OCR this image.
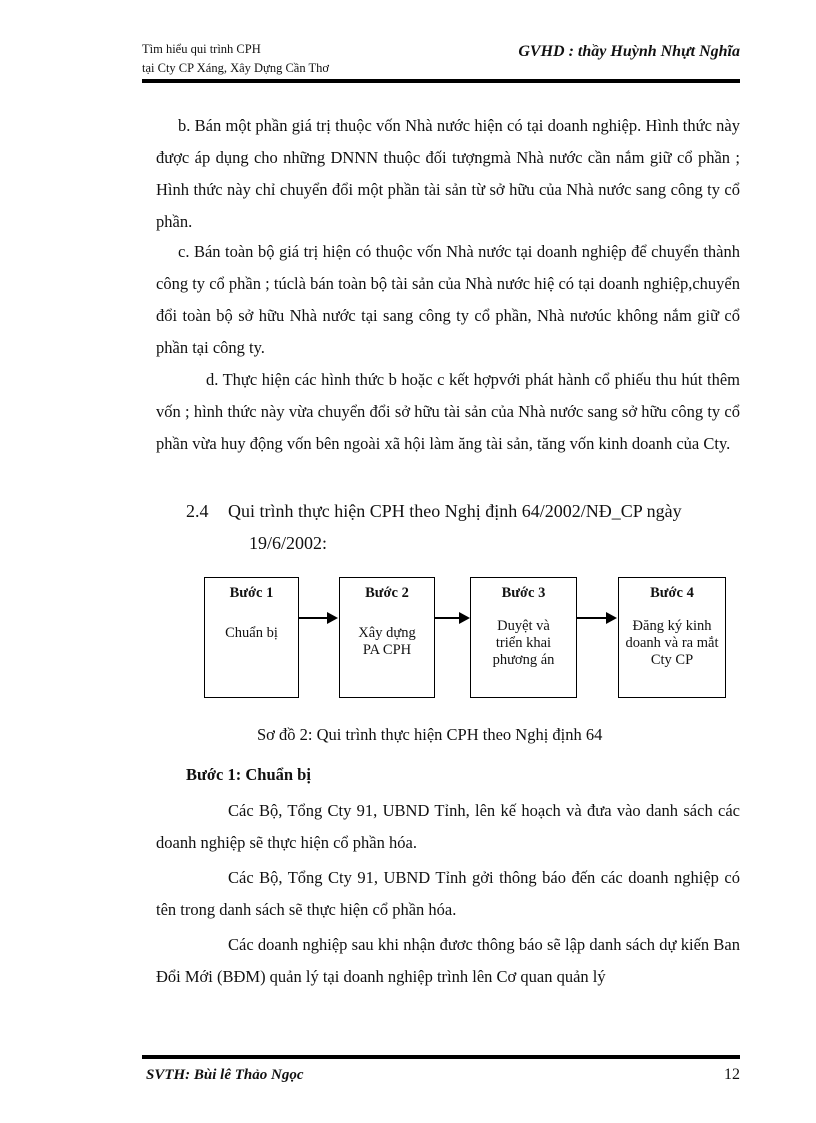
Tìm hiểu qui trình CPH
tại Cty CP Xáng, Xây Dựng Cần Thơ
GVHD : thầy Huỳnh Nhựt Nghĩa

b. Bán một phần giá trị thuộc vốn Nhà nước hiện có tại doanh nghiệp. Hình thức này được áp dụng cho những DNNN thuộc đối tượngmà Nhà nước cần nắm giữ cổ phần ; Hình thức này chỉ chuyển đổi một phần tài sản từ sở hữu của Nhà nước sang công ty cổ phần.

c. Bán toàn bộ giá trị hiện có thuộc vốn Nhà nước tại doanh nghiệp để chuyển thành công ty cổ phần ; túclà bán toàn bộ tài sản của Nhà nước hiệ có tại doanh nghiệp,chuyển đổi toàn bộ sở hữu Nhà nước tại sang công ty cổ phần, Nhà nươúc không nắm giữ cổ phần tại công ty.

d. Thực hiện các hình thức b hoặc c kết hợpvới phát hành cổ phiếu thu hút thêm vốn ; hình thức này vừa chuyển đổi sở hữu tài sản của Nhà nước sang sở hữu công ty cổ phần vừa huy động vốn bên ngoài xã hội làm ăng tài sản, tăng vốn kinh doanh của Cty.

2.4 Qui trình thực hiện CPH theo Nghị định 64/2002/NĐ_CP ngày
19/6/2002:
Bước 1
Chuẩn bị
Bước 2
Xây dựng PA CPH
Bước 3
Duyệt và triển khai phương án
Bước 4
Đăng ký kinh doanh và ra mắt Cty CP
Sơ đồ 2: Qui trình thực hiện CPH theo Nghị định 64
Bước 1: Chuẩn bị

Các Bộ, Tổng Cty 91, UBND Tỉnh, lên kế hoạch và đưa vào danh sách các doanh nghiệp sẽ thực hiện cổ phần hóa.

Các Bộ, Tổng Cty 91, UBND Tỉnh gởi thông báo đến các doanh nghiệp có tên trong danh sách sẽ thực hiện cổ phần hóa.

Các doanh nghiệp sau khi nhận đươc thông báo sẽ lập danh sách dự kiến Ban Đổi Mới (BĐM) quản lý tại doanh nghiệp trình lên Cơ quan quản lý

SVTH: Bùi lê Thảo Ngọc	12
